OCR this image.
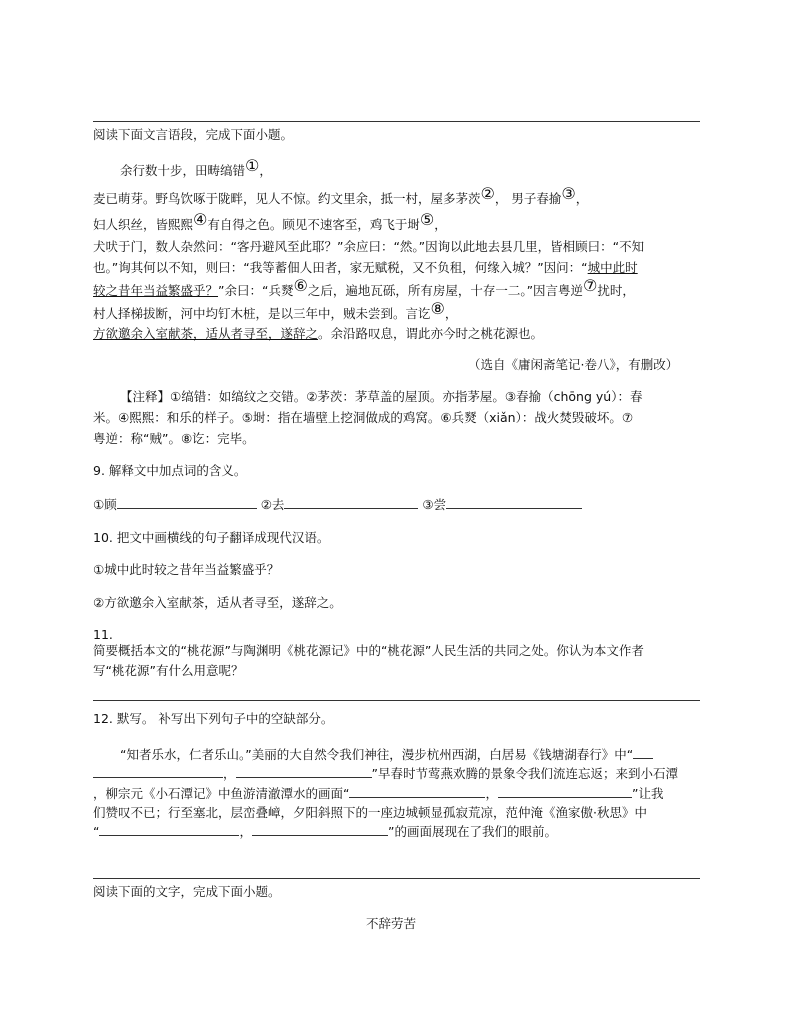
阅读下面文言语段，完成下面小题。
余行数十步，田畴缟错①，
麦已萌芽。野鸟饮啄于陇畔，见人不惊。约文里余，抵一村，屋多茅茨②， 男子春揄③，
妇人织丝，皆熙熙④有自得之色。顾见不速客至，鸡飞于埘⑤，
犬吠于门，数人杂然问：“客丹避风至此耶？”余应曰：“然。”因询以此地去县几里，皆相顾曰：“不知
也。”询其何以不知，则曰：“我等蓄佃人田者，家无赋税，又不负租，何缘入城？”因问：“城中此时
较之昔年当益繁盛乎？”余曰：“兵燹⑥之后，遍地瓦砾，所有房屋，十存一二。”因言粤逆⑦扰时，
村人择梯拔断，河中均钉木桩，是以三年中，贼未尝到。言讫⑧，
方欲邀余入室献茶，适从者寻至，遂辞之。余沿路叹息，谓此亦今时之桃花源也。
（选自《庸闲斋笔记·卷八》，有删改）
【注释】①缟错：如缟纹之交错。②茅茨：茅草盖的屋顶。亦指茅屋。③春揄（chōng yú）：春
米。④熙熙：和乐的样子。⑤埘：指在墙壁上挖洞做成的鸡窝。⑥兵燹（xiǎn）：战火焚毁破坏。⑦
粤逆：称“贼”。⑧讫：完毕。
9. 解释文中加点词的含义。
①顾	②去	③尝
10. 把文中画横线的句子翻译成现代汉语。
①城中此时较之昔年当益繁盛乎？
②方欲邀余入室献茶，适从者寻至，遂辞之。
11.
简要概括本文的“桃花源”与陶渊明《桃花源记》中的“桃花源”人民生活的共同之处。你认为本文作者
写“桃花源”有什么用意呢？
12. 默写。 补写出下列句子中的空缺部分。
“知者乐水，仁者乐山。”美丽的大自然令我们神往，漫步杭州西湖，白居易《钱塘湖春行》中“
，	”早春时节莺燕欢腾的景象令我们流连忘返；来到小石潭
，柳宗元《小石潭记》中鱼游清澈潭水的画面“	，	”让我
们赞叹不已；行至塞北，层峦叠嶂，夕阳斜照下的一座边城顿显孤寂荒凉，范仲淹《渔家傲·秋思》中
“	，	”的画面展现在了我们的眼前。
阅读下面的文字，完成下面小题。
不辞劳苦
